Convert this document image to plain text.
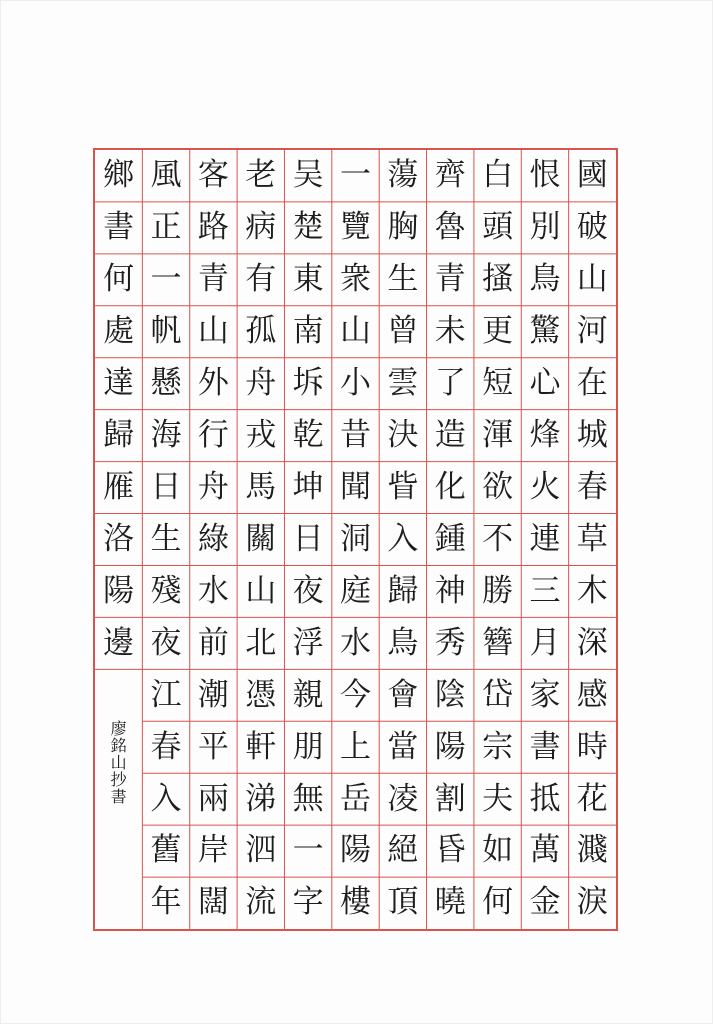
國
破
山
河
在
城
春
草
木
深
感
時
花
濺
淚
恨
別
鳥
驚
心
烽
火
連
三
月
家
書
抵
萬
金
白
頭
搔
更
短
渾
欲
不
勝
簪
岱
宗
夫
如
何
齊
魯
青
未
了
造
化
鍾
神
秀
陰
陽
割
昏
曉
蕩
胸
生
曾
雲
決
眥
入
歸
鳥
會
當
凌
絕
頂
一
覽
衆
山
小
昔
聞
洞
庭
水
今
上
岳
陽
樓
吴
楚
東
南
坼
乾
坤
日
夜
浮
親
朋
無
一
字
老
病
有
孤
舟
戎
馬
關
山
北
憑
軒
涕
泗
流
客
路
青
山
外
行
舟
綠
水
前
潮
平
兩
岸
闊
風
正
一
帆
懸
海
日
生
殘
夜
江
春
入
舊
年
鄉
書
何
處
達
歸
雁
洛
陽
邊
廖
銘
山
抄
書
